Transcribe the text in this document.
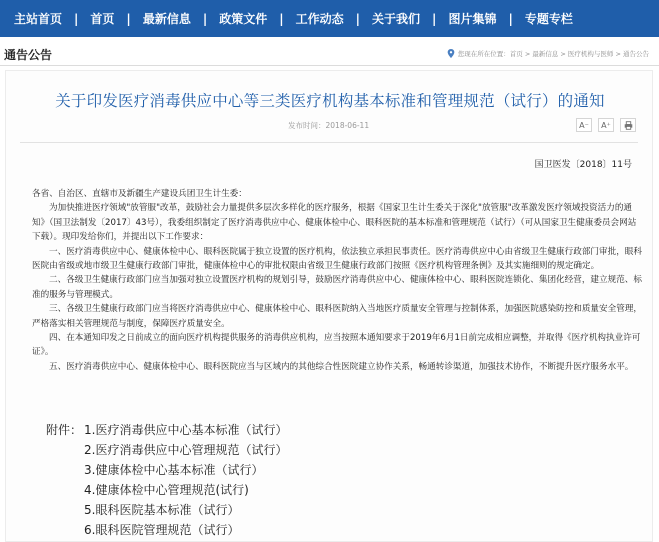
主站首页 | 首页 | 最新信息 | 政策文件 | 工作动态 | 关于我们 | 图片集锦 | 专题专栏
通告公告	您现在所在位置：首页 > 最新信息 > 医疗机构与医师 > 通告公告
关于印发医疗消毒供应中心等三类医疗机构基本标准和管理规范（试行）的通知
发布时间：2018-06-11	A⁻	A⁺
国卫医发〔2018〕11号

各省、自治区、直辖市及新疆生产建设兵团卫生计生委：

为加快推进医疗领域"放管服"改革，鼓励社会力量提供多层次多样化的医疗服务，根据《国家卫生计生委关于深化"放管服"改革激发医疗领域投资活力的通知》（国卫法制发〔2017〕43号），我委组织制定了医疗消毒供应中心、健康体检中心、眼科医院的基本标准和管理规范（试行）（可从国家卫生健康委员会网站下载）。现印发给你们，并提出以下工作要求：

一、医疗消毒供应中心、健康体检中心、眼科医院属于独立设置的医疗机构，依法独立承担民事责任。医疗消毒供应中心由省级卫生健康行政部门审批，眼科医院由省级或地市级卫生健康行政部门审批，健康体检中心的审批权限由省级卫生健康行政部门按照《医疗机构管理条例》及其实施细则的规定确定。

二、各级卫生健康行政部门应当加强对独立设置医疗机构的规划引导，鼓励医疗消毒供应中心、健康体检中心、眼科医院连锁化、集团化经营，建立规范、标准的服务与管理模式。

三、各级卫生健康行政部门应当将医疗消毒供应中心、健康体检中心、眼科医院纳入当地医疗质量安全管理与控制体系，加强医院感染防控和质量安全管理，严格落实相关管理规范与制度，保障医疗质量安全。

四、在本通知印发之日前成立的面向医疗机构提供服务的消毒供应机构，应当按照本通知要求于2019年6月1日前完成相应调整，并取得《医疗机构执业许可证》。

五、医疗消毒供应中心、健康体检中心、眼科医院应当与区域内的其他综合性医院建立协作关系，畅通转诊渠道，加强技术协作，不断提升医疗服务水平。

附件： 1.医疗消毒供应中心基本标准（试行）
2.医疗消毒供应中心管理规范（试行）
3.健康体检中心基本标准（试行）
4.健康体检中心管理规范(试行)
5.眼科医院基本标准（试行）
6.眼科医院管理规范（试行）
